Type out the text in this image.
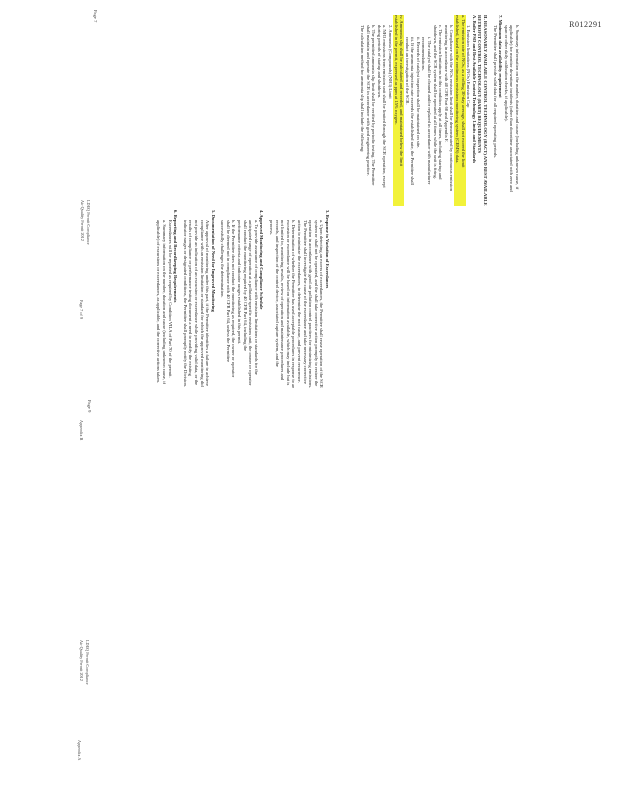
R012291
3. Response to Variation of Exceedances
a. Upon detecting an excess of exceedances, the Permittee shall cease operation of the SCR
system or shall not be operated, and the shall take corrective action promptly to restore the
operation in accordance with good air pollution control practices for minimizing emissions.
The Permittee shall investigate the cause of the exceedance and take necessary corrective
action to minimize the exceedances, to determine the root cause, and prevent recurrence.
b. Determination of whether the Permittee has used acceptable procedures in response to an
excursion or exceedance will be based on information available, which may include but is
not limited to, monitoring results, review of operation and maintenance procedures and
records, and inspection of the control device, associated capture system, and the
process.
4. Approved Monitoring and Compliance Schedule
a. To provide assurance of compliance with emission limitations or standards for the
anticipated range of operation at a pollutant-specific emissions unit, the owner or operator
shall conduct the monitoring required by 40 CFR Part 64, including the
performance criteria and indicator ranges established in this permit.
b. If the Permittee does not conduct the monitoring as required, the owner or operator
shall be deemed not in compliance with 40 CFR Part 64, unless the Permittee
successfully challenges the determination.
5. Documentation of Need for Improved Monitoring
After approval of monitoring under this part, if the Permittee identifies a failure to achieve
compliance with an emission limitation or standard for which the approved monitoring did
not provide an indication of an excursion or exceedance while providing valid data, or the
results of compliance or performance testing document a need to modify the existing
indicator ranges or designated conditions, the Permittee shall promptly notify the Division.
6. Reporting and Recordkeeping Requirements
Exceedances will be reported as required by Condition VII.A of Part 70 of the permit.
a. Summary information on the number, duration and cause (including unknown cause, if
applicable) of excursions or exceedances, as applicable, and the corrective actions taken.
Page 9
LDEQ Permit Compliance
Air Quality Permit 2012
Appendix A
b. Summary information on the number, duration and cause (including unknown cause, if
applicable) for monitor downtime incidents (other than downtime associated with zero and
span or other daily calibration checks, if applicable).
7. Minimum data availability requirement
The Permittee shall provide valid data for all required operating periods.
II. REASONABLY AVAILABLE CONTROL TECHNOLOGY (RACT) AND BEST AVAILABLE
RETROFIT CONTROL TECHNOLOGY (BART) REQUIREMENTS
A. Boiler PSD and Best Available Control Technology Limits and Standards
1. Emission limitations (NOx) Emission Cap
a. The emission rate of NOx, as a rolling 30-day average, shall not exceed the limit
established, based on the continuous emissions monitoring system (CEMS) data.
b. Compliance with the NOx emission limit shall be demonstrated by continuous emission
monitoring in accordance with 40 CFR Part 60 and Appendix F.
c. The emission limitations in this condition apply at all times, including startup and
shutdown, and the SCR system shall be operated at all times while the unit is firing.
i. The catalyst shall be cleaned and/or replaced in accordance with manufacturer
recommendations.
ii. Records of catalyst inspection shall be maintained on site.
iii. If the ammonia injection rate exceeds the established rate, the Permittee shall
conduct an investigation of the SCR.
iv. Ammonia slip shall be calculated and recorded, and maintained below the limit
established in the permit, expressed as ppm at 15% oxygen.
2. Ammonia (Compounds) (NH3) Limit
a. NH3 emissions from emission unit shall be limited through the SCR operation, except
during periods of startup and shutdown.
b. The permitted ammonia slip limit shall be verified by periodic testing. The Permittee
shall maintain and operate the SCR in accordance with good engineering practice.
The calculation method for ammonia slip shall include the following:
Page 7
LDEQ Permit Compliance
Air Quality Permit 2012
Page 7 of 9
Appendix B
